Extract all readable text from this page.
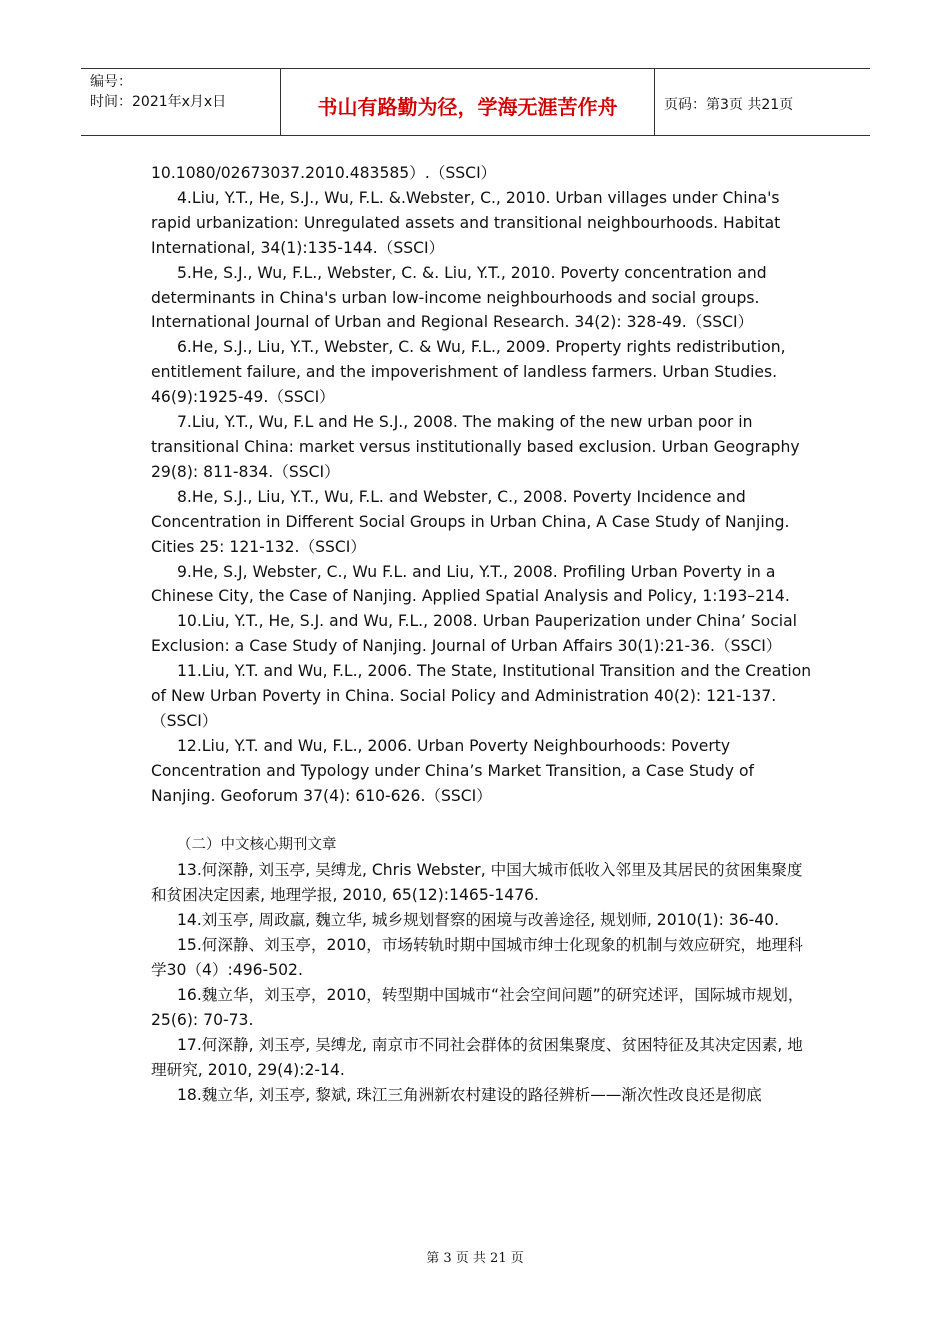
编号：
时间：2021年x月x日	书山有路勤为径，学海无涯苦作舟	页码：第3页 共21页

10.1080/02673037.2010.483585）.（SSCI）

4.Liu, Y.T., He, S.J., Wu, F.L. &.Webster, C., 2010. Urban villages under China's rapid urbanization: Unregulated assets and transitional neighbourhoods. Habitat International, 34(1):135-144.（SSCI）

5.He, S.J., Wu, F.L., Webster, C. &. Liu, Y.T., 2010. Poverty concentration and determinants in China's urban low-income neighbourhoods and social groups. International Journal of Urban and Regional Research. 34(2): 328-49.（SSCI）

6.He, S.J., Liu, Y.T., Webster, C. & Wu, F.L., 2009. Property rights redistribution, entitlement failure, and the impoverishment of landless farmers. Urban Studies. 46(9):1925-49.（SSCI）

7.Liu, Y.T., Wu, F.L and He S.J., 2008. The making of the new urban poor in transitional China: market versus institutionally based exclusion. Urban Geography 29(8): 811-834.（SSCI）

8.He, S.J., Liu, Y.T., Wu, F.L. and Webster, C., 2008. Poverty Incidence and Concentration in Different Social Groups in Urban China, A Case Study of Nanjing. Cities 25: 121-132.（SSCI）

9.He, S.J, Webster, C., Wu F.L. and Liu, Y.T., 2008. Profiling Urban Poverty in a Chinese City, the Case of Nanjing. Applied Spatial Analysis and Policy, 1:193–214.

10.Liu, Y.T., He, S.J. and Wu, F.L., 2008. Urban Pauperization under China’ Social Exclusion: a Case Study of Nanjing. Journal of Urban Affairs 30(1):21-36.（SSCI）

11.Liu, Y.T. and Wu, F.L., 2006. The State, Institutional Transition and the Creation of New Urban Poverty in China. Social Policy and Administration 40(2): 121-137.（SSCI）

12.Liu, Y.T. and Wu, F.L., 2006. Urban Poverty Neighbourhoods: Poverty Concentration and Typology under China’s Market Transition, a Case Study of Nanjing. Geoforum 37(4): 610-626.（SSCI）

（二）中文核心期刊文章

13.何深静, 刘玉亭, 吴缚龙, Chris Webster, 中国大城市低收入邻里及其居民的贫困集聚度和贫困决定因素, 地理学报, 2010, 65(12):1465-1476.

14.刘玉亭, 周政羸, 魏立华, 城乡规划督察的困境与改善途径, 规划师, 2010(1): 36-40.

15.何深静、刘玉亭，2010，市场转轨时期中国城市绅士化现象的机制与效应研究，地理科学30（4）:496-502.

16.魏立华，刘玉亭，2010，转型期中国城市“社会空间问题”的研究述评，国际城市规划，25(6): 70-73.

17.何深静, 刘玉亭, 吴缚龙, 南京市不同社会群体的贫困集聚度、贫困特征及其决定因素, 地理研究, 2010, 29(4):2-14.

18.魏立华, 刘玉亭, 黎斌, 珠江三角洲新农村建设的路径辨析——渐次性改良还是彻底

第 3 页 共 21 页
